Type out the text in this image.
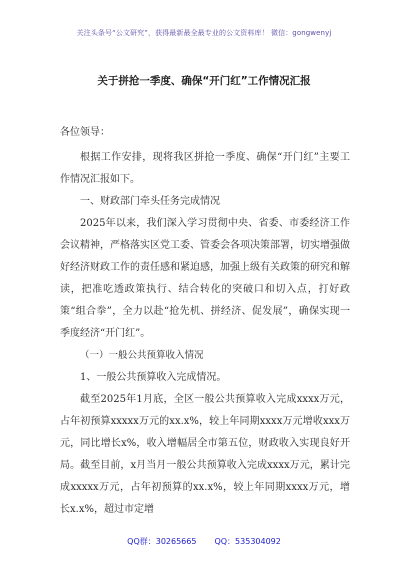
关注头条号“公文研究”，获得最新最全最专业的公文资料库！ 微信：gongwenyj
关于拼抢一季度、确保“开门红”工作情况汇报

各位领导：

根据工作安排，现将我区拼抢一季度、确保“开门红”主要工作情况汇报如下。

一、财政部门牵头任务完成情况

2025年以来，我们深入学习贯彻中央、省委、市委经济工作会议精神，严格落实区党工委、管委会各项决策部署，切实增强做好经济财政工作的责任感和紧迫感，加强上级有关政策的研究和解读，把准吃透政策执行、结合转化的突破口和切入点，打好政策“组合拳”，全力以赴“抢先机、拼经济、促发展”，确保实现一季度经济“开门红”。

（一）一般公共预算收入情况

1、一般公共预算收入完成情况。

截至2025年1月底，全区一般公共预算收入完成xxxx万元，占年初预算xxxxx万元的xx.x%，较上年同期xxxx万元增收xxx万元，同比增长x%，收入增幅居全市第五位，财政收入实现良好开局。截至目前，x月当月一般公共预算收入完成xxxx万元，累计完成xxxxx万元，占年初预算的xx.x%，较上年同期xxxx万元，增长x.x%，超过市定增

QQ群：30265665 QQ：535304092
